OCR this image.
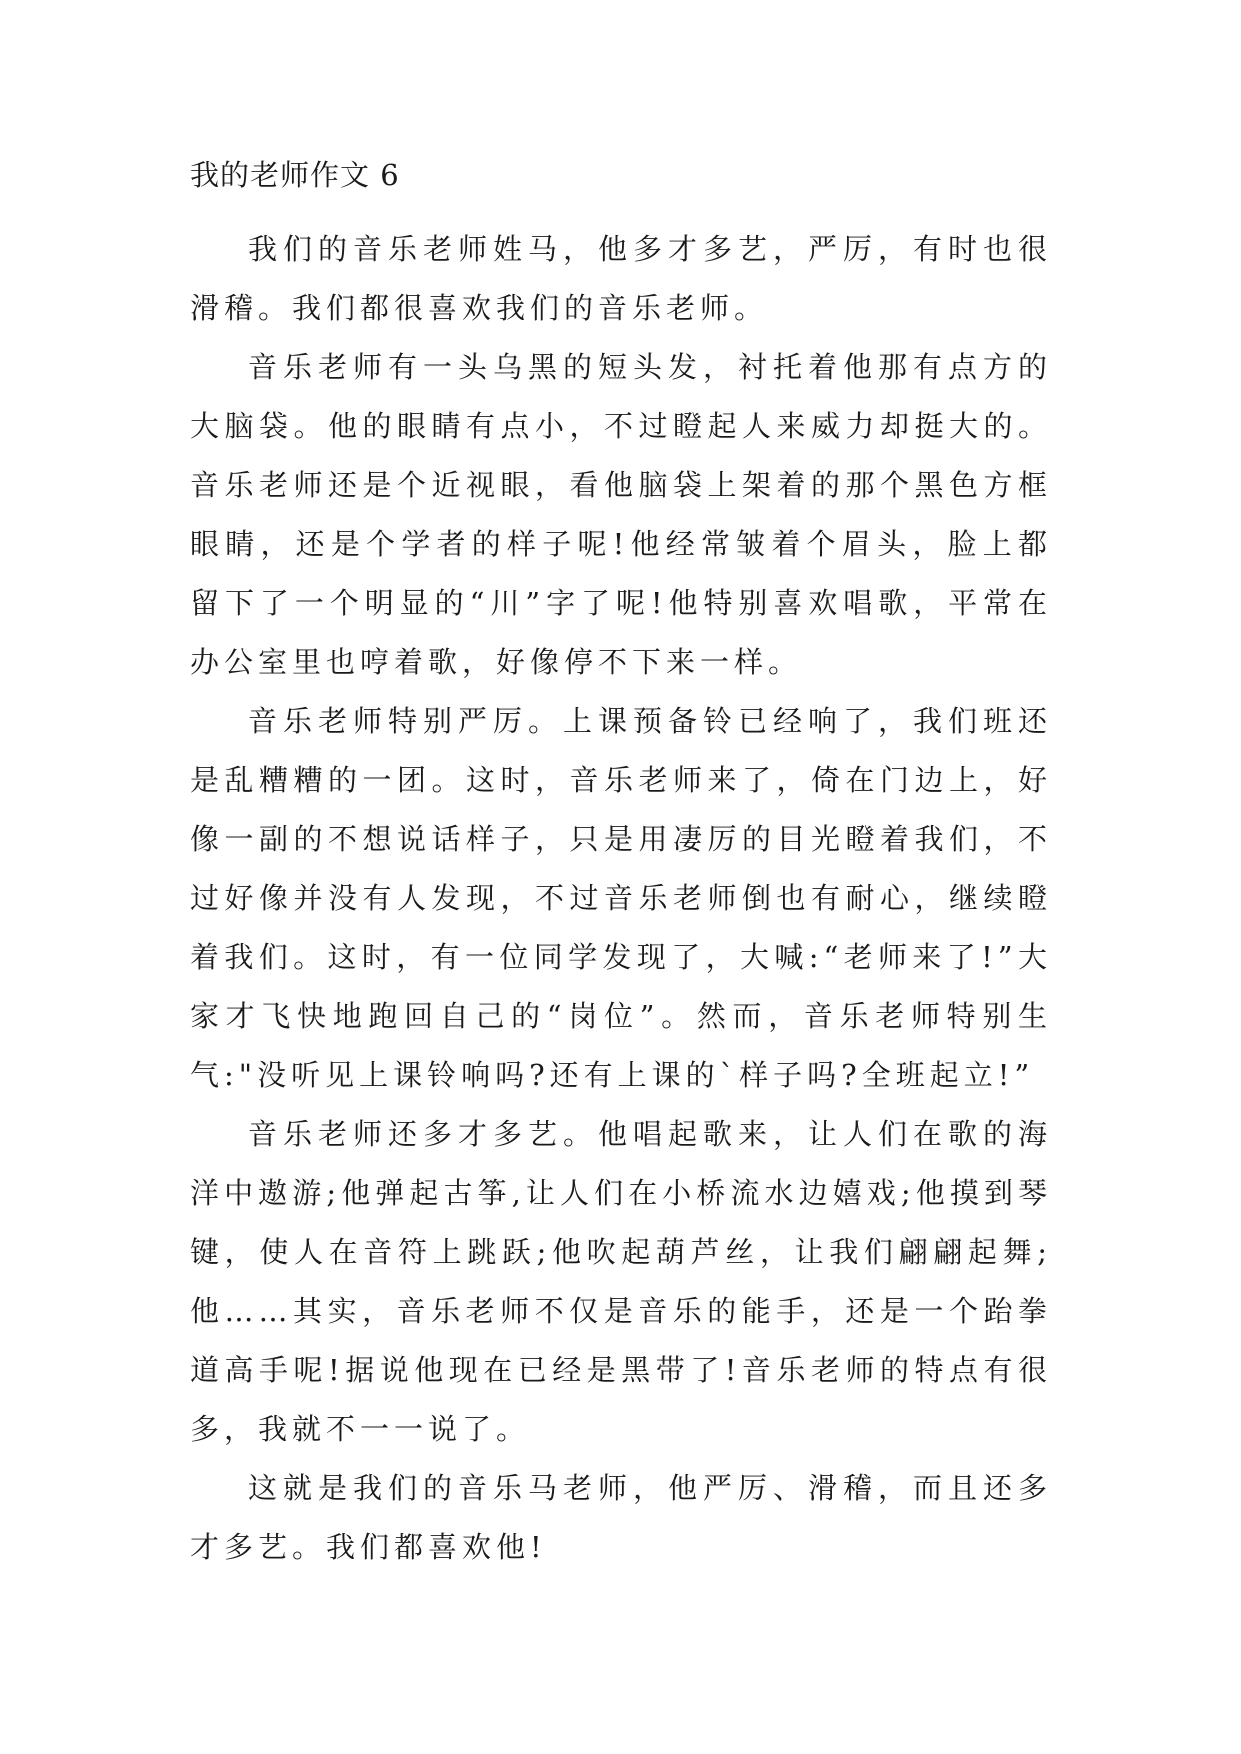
我的老师作文 6

我们的音乐老师姓马，他多才多艺，严厉，有时也很滑稽。我们都很喜欢我们的音乐老师。

音乐老师有一头乌黑的短头发，衬托着他那有点方的大脑袋。他的眼睛有点小，不过瞪起人来威力却挺大的。音乐老师还是个近视眼，看他脑袋上架着的那个黑色方框眼睛，还是个学者的样子呢!他经常皱着个眉头，脸上都留下了一个明显的“川”字了呢!他特别喜欢唱歌，平常在办公室里也哼着歌，好像停不下来一样。

音乐老师特别严厉。上课预备铃已经响了，我们班还是乱糟糟的一团。这时，音乐老师来了，倚在门边上，好像一副的不想说话样子，只是用凄厉的目光瞪着我们，不过好像并没有人发现，不过音乐老师倒也有耐心，继续瞪着我们。这时，有一位同学发现了，大喊:“老师来了!”大家才飞快地跑回自己的“岗位”。然而，音乐老师特别生气:"没听见上课铃响吗?还有上课的`样子吗?全班起立!”

音乐老师还多才多艺。他唱起歌来，让人们在歌的海洋中遨游;他弹起古筝,让人们在小桥流水边嬉戏;他摸到琴键，使人在音符上跳跃;他吹起葫芦丝，让我们翩翩起舞;他……其实，音乐老师不仅是音乐的能手，还是一个跆拳道高手呢!据说他现在已经是黑带了!音乐老师的特点有很多，我就不一一说了。

这就是我们的音乐马老师，他严厉、滑稽，而且还多才多艺。我们都喜欢他!
